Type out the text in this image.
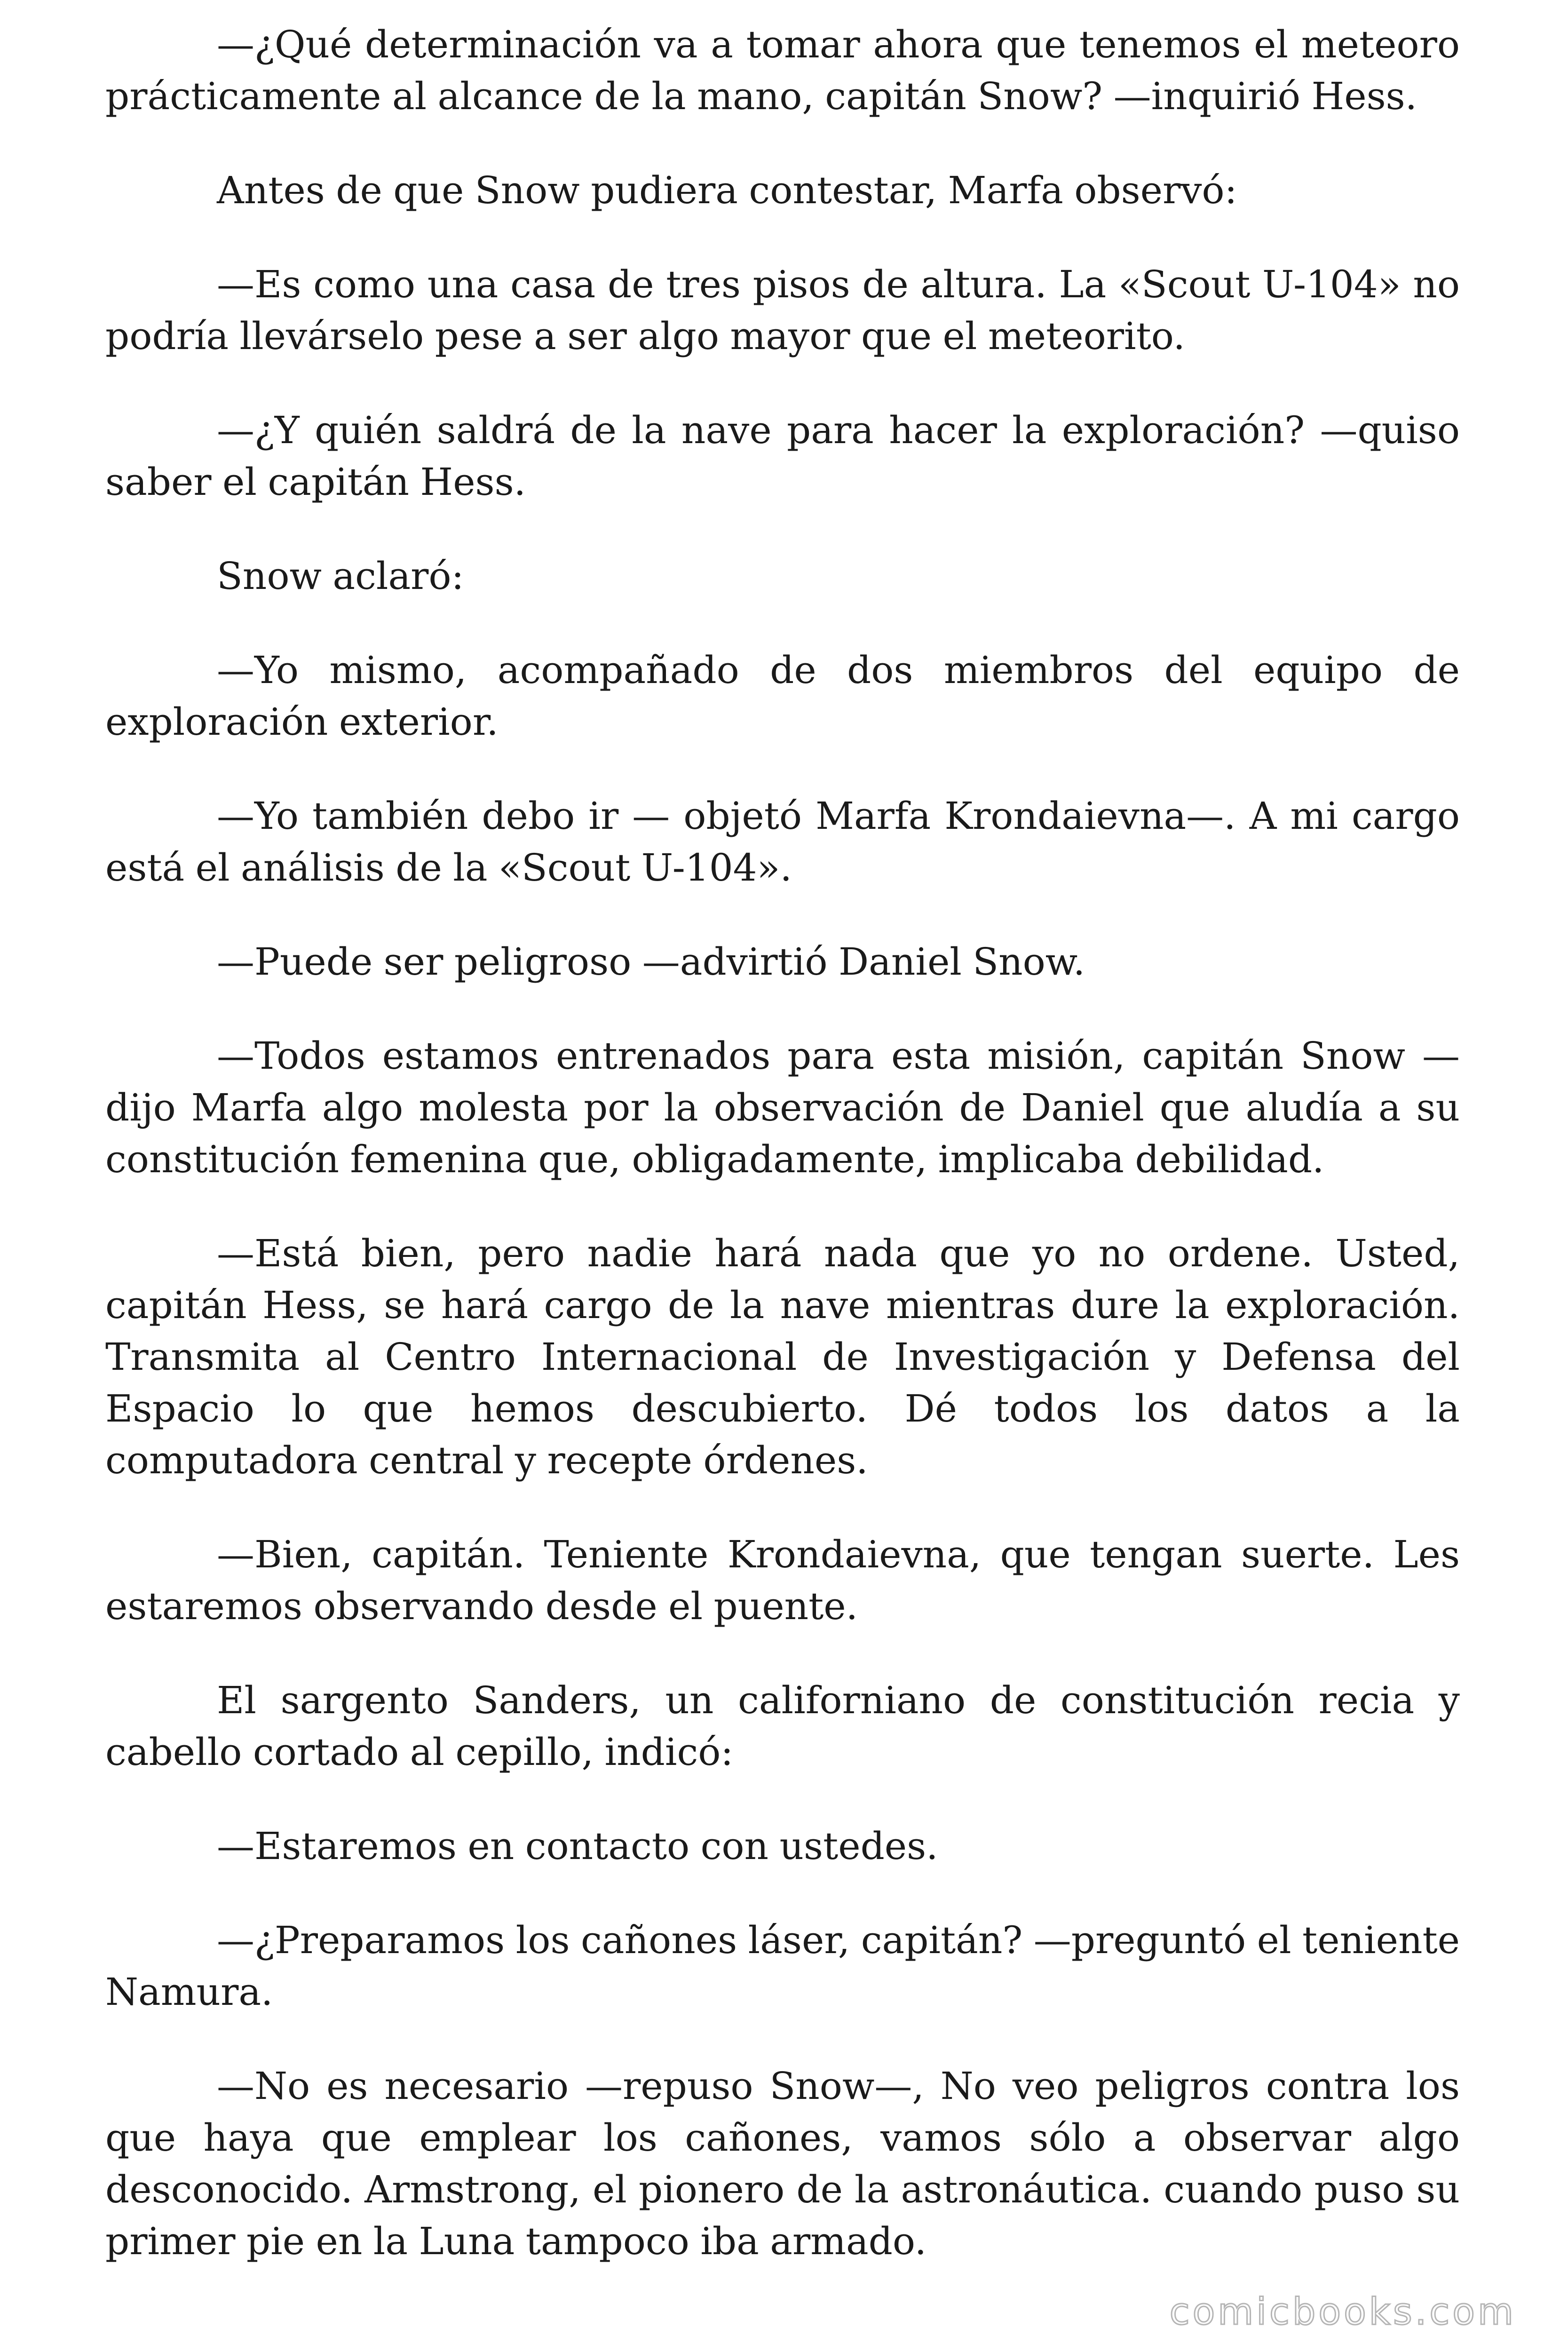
—¿Qué determinación va a tomar ahora que tenemos el meteoro prácticamente al alcance de la mano, capitán Snow? —inquirió Hess.

Antes de que Snow pudiera contestar, Marfa observó:

—Es como una casa de tres pisos de altura. La «Scout U-104» no podría llevárselo pese a ser algo mayor que el meteorito.

—¿Y quién saldrá de la nave para hacer la exploración? —quiso saber el capitán Hess.

Snow aclaró:

—Yo mismo, acompañado de dos miembros del equipo de exploración exterior.

—Yo también debo ir — objetó Marfa Krondaievna—. A mi cargo está el análisis de la «Scout U-104».

—Puede ser peligroso —advirtió Daniel Snow.

—Todos estamos entrenados para esta misión, capitán Snow — dijo Marfa algo molesta por la observación de Daniel que aludía a su constitución femenina que, obligadamente, implicaba debilidad.

—Está bien, pero nadie hará nada que yo no ordene. Usted, capitán Hess, se hará cargo de la nave mientras dure la exploración. Transmita al Centro Internacional de Investigación y Defensa del Espacio lo que hemos descubierto. Dé todos los datos a la computadora central y recepte órdenes.

—Bien, capitán. Teniente Krondaievna, que tengan suerte. Les estaremos observando desde el puente.

El sargento Sanders, un californiano de constitución recia y cabello cortado al cepillo, indicó:

—Estaremos en contacto con ustedes.

—¿Preparamos los cañones láser, capitán? —preguntó el teniente Namura.

—No es necesario —repuso Snow—, No veo peligros contra los que haya que emplear los cañones, vamos sólo a observar algo desconocido. Armstrong, el pionero de la astronáutica. cuando puso su primer pie en la Luna tampoco iba armado.

comicbooks.com
